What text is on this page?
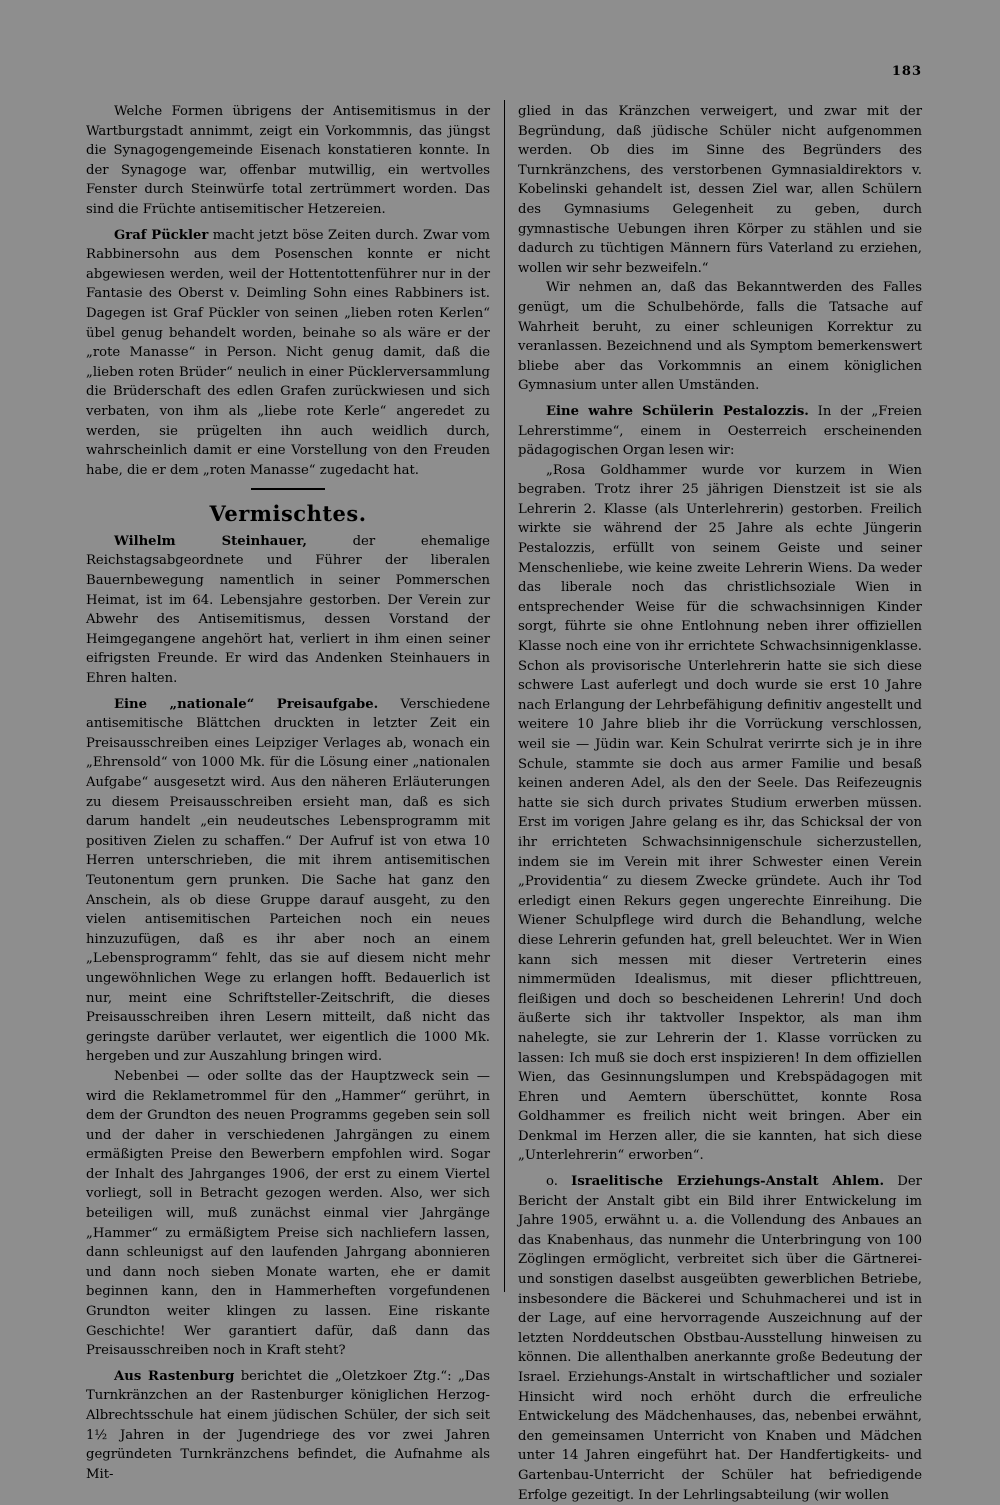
183

Welche Formen übrigens der Antisemitismus in der Wartburgstadt annimmt, zeigt ein Vorkommnis, das jüngst die Synagogengemeinde Eisenach konstatieren konnte. In der Synagoge war, offenbar mutwillig, ein wertvolles Fenster durch Steinwürfe total zertrümmert worden. Das sind die Früchte antisemitischer Hetzereien.

Graf Pückler macht jetzt böse Zeiten durch. Zwar vom Rabbinersohn aus dem Posenschen konnte er nicht abgewiesen werden, weil der Hottentottenführer nur in der Fantasie des Oberst v. Deimling Sohn eines Rabbiners ist. Dagegen ist Graf Pückler von seinen „lieben roten Kerlen“ übel genug behandelt worden, beinahe so als wäre er der „rote Manasse“ in Person. Nicht genug damit, daß die „lieben roten Brüder“ neulich in einer Pücklerversammlung die Brüderschaft des edlen Grafen zurückwiesen und sich verbaten, von ihm als „liebe rote Kerle“ angeredet zu werden, sie prügelten ihn auch weidlich durch, wahrscheinlich damit er eine Vorstellung von den Freuden habe, die er dem „roten Manasse“ zugedacht hat.

Vermischtes.

Wilhelm Steinhauer, der ehemalige Reichstagsabgeordnete und Führer der liberalen Bauernbewegung namentlich in seiner Pommerschen Heimat, ist im 64. Lebensjahre gestorben. Der Verein zur Abwehr des Antisemitismus, dessen Vorstand der Heimgegangene angehört hat, verliert in ihm einen seiner eifrigsten Freunde. Er wird das Andenken Steinhauers in Ehren halten.

Eine „nationale“ Preisaufgabe. Verschiedene antisemitische Blättchen druckten in letzter Zeit ein Preisausschreiben eines Leipziger Verlages ab, wonach ein „Ehrensold“ von 1000 Mk. für die Lösung einer „nationalen Aufgabe“ ausgesetzt wird. Aus den näheren Erläuterungen zu diesem Preisausschreiben ersieht man, daß es sich darum handelt „ein neudeutsches Lebensprogramm mit positiven Zielen zu schaffen.“ Der Aufruf ist von etwa 10 Herren unterschrieben, die mit ihrem antisemitischen Teutonentum gern prunken. Die Sache hat ganz den Anschein, als ob diese Gruppe darauf ausgeht, zu den vielen antisemitischen Parteichen noch ein neues hinzuzufügen, daß es ihr aber noch an einem „Lebensprogramm“ fehlt, das sie auf diesem nicht mehr ungewöhnlichen Wege zu erlangen hofft. Bedauerlich ist nur, meint eine Schriftsteller-Zeitschrift, die dieses Preisausschreiben ihren Lesern mitteilt, daß nicht das geringste darüber verlautet, wer eigentlich die 1000 Mk. hergeben und zur Auszahlung bringen wird.

Nebenbei — oder sollte das der Hauptzweck sein — wird die Reklametrommel für den „Hammer“ gerührt, in dem der Grundton des neuen Programms gegeben sein soll und der daher in verschiedenen Jahrgängen zu einem ermäßigten Preise den Bewerbern empfohlen wird. Sogar der Inhalt des Jahrganges 1906, der erst zu einem Viertel vorliegt, soll in Betracht gezogen werden. Also, wer sich beteiligen will, muß zunächst einmal vier Jahrgänge „Hammer“ zu ermäßigtem Preise sich nachliefern lassen, dann schleunigst auf den laufenden Jahrgang abonnieren und dann noch sieben Monate warten, ehe er damit beginnen kann, den in Hammerheften vorgefundenen Grundton weiter klingen zu lassen. Eine riskante Geschichte! Wer garantiert dafür, daß dann das Preisausschreiben noch in Kraft steht?

Aus Rastenburg berichtet die „Oletzkoer Ztg.“: „Das Turnkränzchen an der Rastenburger königlichen Herzog-Albrechtsschule hat einem jüdischen Schüler, der sich seit 1½ Jahren in der Jugendriege des vor zwei Jahren gegründeten Turnkränzchens befindet, die Aufnahme als Mit-

glied in das Kränzchen verweigert, und zwar mit der Begründung, daß jüdische Schüler nicht aufgenommen werden. Ob dies im Sinne des Begründers des Turnkränzchens, des verstorbenen Gymnasialdirektors v. Kobelinski gehandelt ist, dessen Ziel war, allen Schülern des Gymnasiums Gelegenheit zu geben, durch gymnastische Uebungen ihren Körper zu stählen und sie dadurch zu tüchtigen Männern fürs Vaterland zu erziehen, wollen wir sehr bezweifeln.“

Wir nehmen an, daß das Bekanntwerden des Falles genügt, um die Schulbehörde, falls die Tatsache auf Wahrheit beruht, zu einer schleunigen Korrektur zu veranlassen. Bezeichnend und als Symptom bemerkenswert bliebe aber das Vorkommnis an einem königlichen Gymnasium unter allen Umständen.

Eine wahre Schülerin Pestalozzis. In der „Freien Lehrerstimme“, einem in Oesterreich erscheinenden pädagogischen Organ lesen wir:

„Rosa Goldhammer wurde vor kurzem in Wien begraben. Trotz ihrer 25 jährigen Dienstzeit ist sie als Lehrerin 2. Klasse (als Unterlehrerin) gestorben. Freilich wirkte sie während der 25 Jahre als echte Jüngerin Pestalozzis, erfüllt von seinem Geiste und seiner Menschenliebe, wie keine zweite Lehrerin Wiens. Da weder das liberale noch das christlichsoziale Wien in entsprechender Weise für die schwachsinnigen Kinder sorgt, führte sie ohne Entlohnung neben ihrer offiziellen Klasse noch eine von ihr errichtete Schwachsinnigenklasse. Schon als provisorische Unterlehrerin hatte sie sich diese schwere Last auferlegt und doch wurde sie erst 10 Jahre nach Erlangung der Lehrbefähigung definitiv angestellt und weitere 10 Jahre blieb ihr die Vorrückung verschlossen, weil sie — Jüdin war. Kein Schulrat verirrte sich je in ihre Schule, stammte sie doch aus armer Familie und besaß keinen anderen Adel, als den der Seele. Das Reifezeugnis hatte sie sich durch privates Studium erwerben müssen. Erst im vorigen Jahre gelang es ihr, das Schicksal der von ihr errichteten Schwachsinnigenschule sicherzustellen, indem sie im Verein mit ihrer Schwester einen Verein „Providentia“ zu diesem Zwecke gründete. Auch ihr Tod erledigt einen Rekurs gegen ungerechte Einreihung. Die Wiener Schulpflege wird durch die Behandlung, welche diese Lehrerin gefunden hat, grell beleuchtet. Wer in Wien kann sich messen mit dieser Vertreterin eines nimmermüden Idealismus, mit dieser pflichttreuen, fleißigen und doch so bescheidenen Lehrerin! Und doch äußerte sich ihr taktvoller Inspektor, als man ihm nahelegte, sie zur Lehrerin der 1. Klasse vorrücken zu lassen: Ich muß sie doch erst inspizieren! In dem offiziellen Wien, das Gesinnungslumpen und Krebspädagogen mit Ehren und Aemtern überschüttet, konnte Rosa Goldhammer es freilich nicht weit bringen. Aber ein Denkmal im Herzen aller, die sie kannten, hat sich diese „Unterlehrerin“ erworben“.

o. Israelitische Erziehungs-Anstalt Ahlem. Der Bericht der Anstalt gibt ein Bild ihrer Entwickelung im Jahre 1905, erwähnt u. a. die Vollendung des Anbaues an das Knabenhaus, das nunmehr die Unterbringung von 100 Zöglingen ermöglicht, verbreitet sich über die Gärtnerei- und sonstigen daselbst ausgeübten gewerblichen Betriebe, insbesondere die Bäckerei und Schuhmacherei und ist in der Lage, auf eine hervorragende Auszeichnung auf der letzten Norddeutschen Obstbau-Ausstellung hinweisen zu können. Die allenthalben anerkannte große Bedeutung der Israel. Erziehungs-Anstalt in wirtschaftlicher und sozialer Hinsicht wird noch erhöht durch die erfreuliche Entwickelung des Mädchenhauses, das, nebenbei erwähnt, den gemeinsamen Unterricht von Knaben und Mädchen unter 14 Jahren eingeführt hat. Der Handfertigkeits- und Gartenbau-Unterricht der Schüler hat befriedigende Erfolge gezeitigt. In der Lehrlingsabteilung (wir wollen
